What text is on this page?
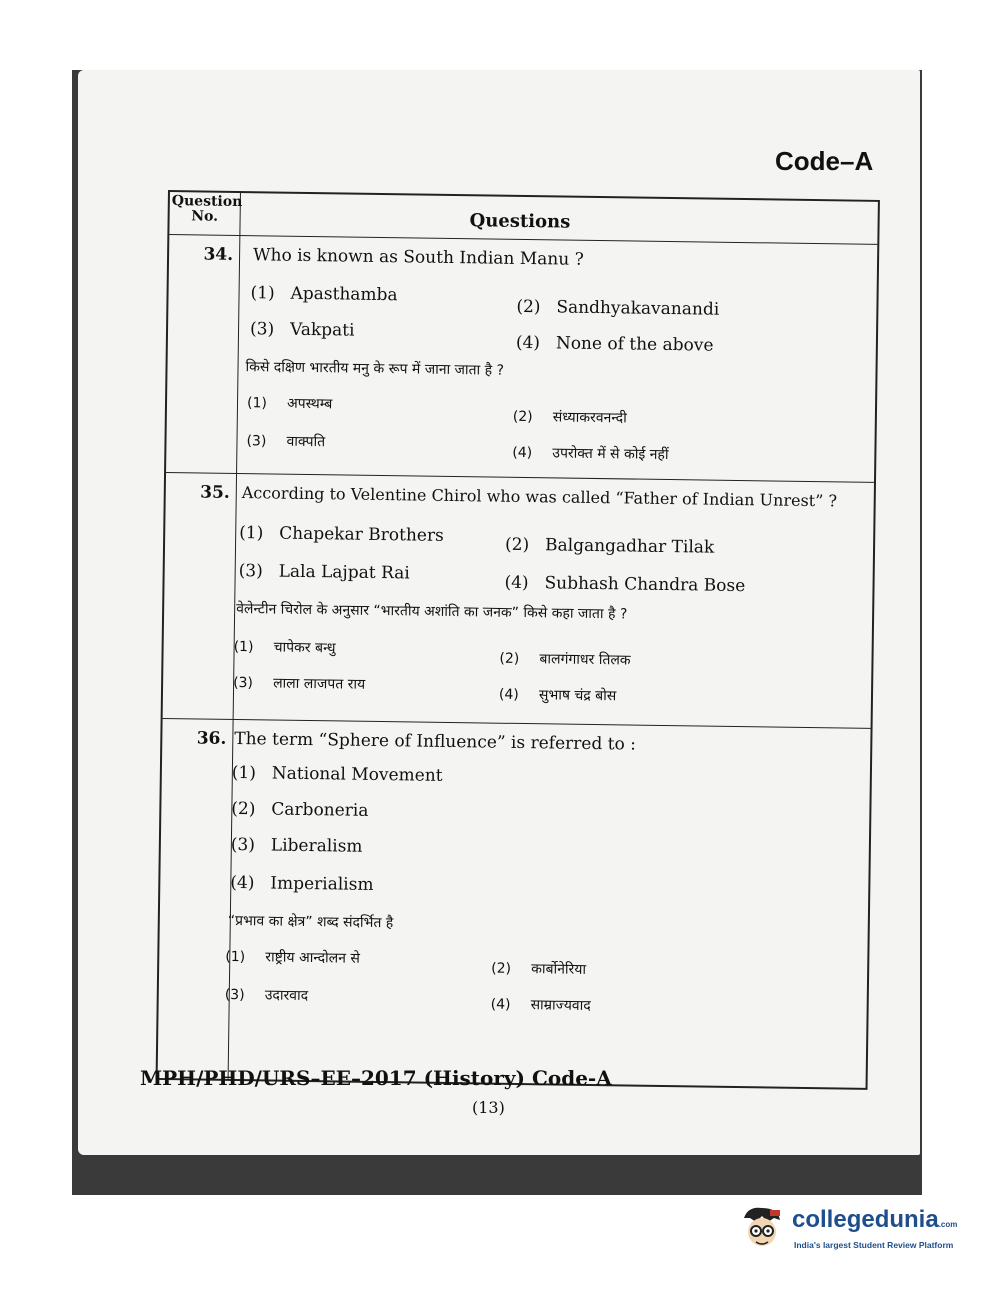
Code–A
Question No.	Questions
34. Who is known as South Indian Manu ?
(1) Apasthamba
(2) Sandhyakavanandi
(3) Vakpati
(4) None of the above
किसे दक्षिण भारतीय मनु के रूप में जाना जाता है ?
(1) अपस्थम्ब
(2) संध्याकरवनन्दी
(3) वाक्पति
(4) उपरोक्त में से कोई नहीं
35. According to Velentine Chirol who was called “Father of Indian Unrest” ?
(1) Chapekar Brothers	(2) Balgangadhar Tilak
(3) Lala Lajpat Rai	(4) Subhash Chandra Bose
वेलेन्टीन चिरोल के अनुसार “भारतीय अशांति का जनक” किसे कहा जाता है ?
(1) चापेकर बन्धु
(2) बालगंगाधर तिलक
(3) लाला लाजपत राय
(4) सुभाष चंद्र बोस
36. The term “Sphere of Influence” is referred to :
(1) National Movement
(2) Carboneria
(3) Liberalism
(4) Imperialism
“प्रभाव का क्षेत्र” शब्द संदर्भित है
(1) राष्ट्रीय आन्दोलन से
(2) कार्बोनेरिया
(3) उदारवाद
(4) साम्राज्यवाद
MPH/PHD/URS–EE–2017 (History) Code-A
(13)
collegedunia.com
India's largest Student Review Platform
